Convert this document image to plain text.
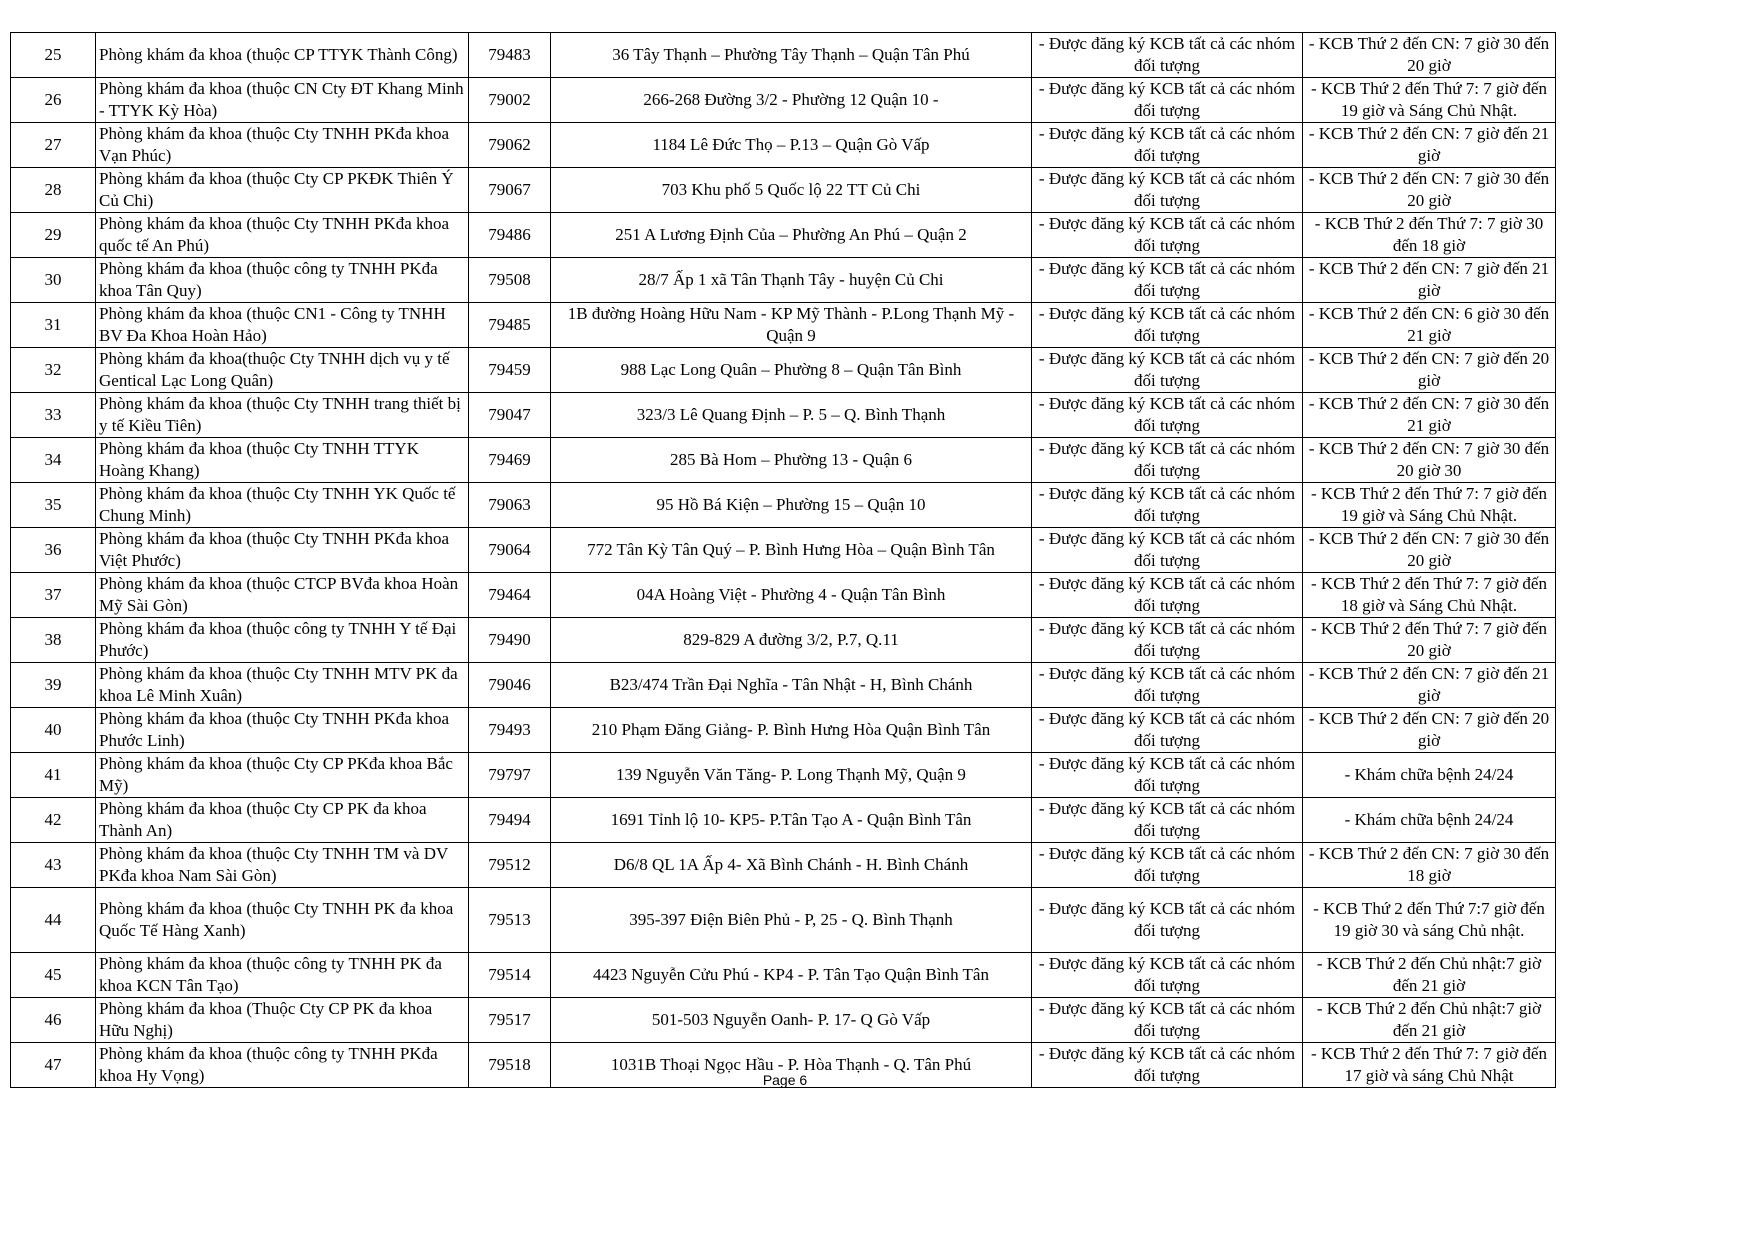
25	Phòng khám đa khoa (thuộc CP TTYK Thành Công)	79483	36 Tây Thạnh – Phường Tây Thạnh – Quận Tân Phú	- Được đăng ký KCB tất cả các nhóm đối tượng	- KCB Thứ 2 đến CN: 7 giờ 30 đến 20 giờ
26	Phòng khám đa khoa (thuộc CN Cty ĐT Khang Minh - TTYK Kỳ Hòa)	79002	266-268 Đường 3/2 - Phường 12 Quận 10 -	- Được đăng ký KCB tất cả các nhóm đối tượng	- KCB Thứ 2 đến Thứ 7: 7 giờ đến 19 giờ và Sáng Chủ Nhật.
27	Phòng khám đa khoa (thuộc Cty TNHH PKđa khoa Vạn Phúc)	79062	1184 Lê Đức Thọ – P.13 – Quận Gò Vấp	- Được đăng ký KCB tất cả các nhóm đối tượng	- KCB Thứ 2 đến CN: 7 giờ đến 21 giờ
28	Phòng khám đa khoa (thuộc Cty CP PKĐK Thiên Ý Củ Chi)	79067	703 Khu phố 5 Quốc lộ 22 TT Củ Chi	- Được đăng ký KCB tất cả các nhóm đối tượng	- KCB Thứ 2 đến CN: 7 giờ 30 đến 20 giờ
29	Phòng khám đa khoa (thuộc Cty TNHH PKđa khoa quốc tế An Phú)	79486	251 A Lương Định Của – Phường An Phú – Quận 2	- Được đăng ký KCB tất cả các nhóm đối tượng	- KCB Thứ 2 đến Thứ 7: 7 giờ 30 đến 18 giờ
30	Phòng khám đa khoa (thuộc công ty TNHH PKđa khoa Tân Quy)	79508	28/7 Ấp 1 xã Tân Thạnh Tây - huyện Củ Chi	- Được đăng ký KCB tất cả các nhóm đối tượng	- KCB Thứ 2 đến CN: 7 giờ đến 21 giờ
31	Phòng khám đa khoa (thuộc CN1 - Công ty TNHH BV Đa Khoa Hoàn Hảo)	79485	1B đường Hoàng Hữu Nam - KP Mỹ Thành - P.Long Thạnh Mỹ - Quận 9	- Được đăng ký KCB tất cả các nhóm đối tượng	- KCB Thứ 2 đến CN: 6 giờ 30 đến 21 giờ
32	Phòng khám đa khoa(thuộc Cty TNHH dịch vụ y tế Gentical Lạc Long Quân)	79459	988 Lạc Long Quân – Phường 8 – Quận Tân Bình	- Được đăng ký KCB tất cả các nhóm đối tượng	- KCB Thứ 2 đến CN: 7 giờ đến 20 giờ
33	Phòng khám đa khoa (thuộc Cty TNHH trang thiết bị y tế Kiều Tiên)	79047	323/3 Lê Quang Định – P. 5 – Q. Bình Thạnh	- Được đăng ký KCB tất cả các nhóm đối tượng	- KCB Thứ 2 đến CN: 7 giờ 30 đến 21 giờ
34	Phòng khám đa khoa (thuộc Cty TNHH TTYK Hoàng Khang)	79469	285 Bà Hom – Phường 13 - Quận 6	- Được đăng ký KCB tất cả các nhóm đối tượng	- KCB Thứ 2 đến CN: 7 giờ 30 đến 20 giờ 30
35	Phòng khám đa khoa (thuộc Cty TNHH YK Quốc tế Chung Minh)	79063	95 Hồ Bá Kiện – Phường 15 – Quận 10	- Được đăng ký KCB tất cả các nhóm đối tượng	- KCB Thứ 2 đến Thứ 7: 7 giờ đến 19 giờ và Sáng Chủ Nhật.
36	Phòng khám đa khoa (thuộc Cty TNHH PKđa khoa Việt Phước)	79064	772 Tân Kỳ Tân Quý – P. Bình Hưng Hòa – Quận Bình Tân	- Được đăng ký KCB tất cả các nhóm đối tượng	- KCB Thứ 2 đến CN: 7 giờ 30 đến 20 giờ
37	Phòng khám đa khoa (thuộc CTCP BVđa khoa Hoàn Mỹ Sài Gòn)	79464	04A Hoàng Việt - Phường 4 - Quận Tân Bình	- Được đăng ký KCB tất cả các nhóm đối tượng	- KCB Thứ 2 đến Thứ 7: 7 giờ đến 18 giờ và Sáng Chủ Nhật.
38	Phòng khám đa khoa (thuộc công ty TNHH Y tế Đại Phước)	79490	829-829 A đường 3/2, P.7, Q.11	- Được đăng ký KCB tất cả các nhóm đối tượng	- KCB Thứ 2 đến Thứ 7: 7 giờ đến 20 giờ
39	Phòng khám đa khoa (thuộc Cty TNHH MTV PK đa khoa Lê Minh Xuân)	79046	B23/474 Trần Đại Nghĩa - Tân Nhật - H, Bình Chánh	- Được đăng ký KCB tất cả các nhóm đối tượng	- KCB Thứ 2 đến CN: 7 giờ đến 21 giờ
40	Phòng khám đa khoa (thuộc Cty TNHH PKđa khoa Phước Linh)	79493	210 Phạm Đăng Giảng- P. Bình Hưng Hòa Quận Bình Tân	- Được đăng ký KCB tất cả các nhóm đối tượng	- KCB Thứ 2 đến CN: 7 giờ đến 20 giờ
41	Phòng khám đa khoa (thuộc Cty CP PKđa khoa Bắc Mỹ)	79797	139 Nguyễn Văn Tăng- P. Long Thạnh Mỹ, Quận 9	- Được đăng ký KCB tất cả các nhóm đối tượng	- Khám chữa bệnh 24/24
42	Phòng khám đa khoa (thuộc Cty CP PK đa khoa Thành An)	79494	1691 Tỉnh lộ 10- KP5- P.Tân Tạo A - Quận Bình Tân	- Được đăng ký KCB tất cả các nhóm đối tượng	- Khám chữa bệnh 24/24
43	Phòng khám đa khoa (thuộc Cty TNHH TM và DV PKđa khoa Nam Sài Gòn)	79512	D6/8 QL 1A Ấp 4- Xã Bình Chánh - H. Bình Chánh	- Được đăng ký KCB tất cả các nhóm đối tượng	- KCB Thứ 2 đến CN: 7 giờ 30 đến 18 giờ
44	Phòng khám đa khoa (thuộc Cty TNHH PK đa khoa Quốc Tế Hàng Xanh)	79513	395-397 Điện Biên Phủ - P, 25 - Q. Bình Thạnh	- Được đăng ký KCB tất cả các nhóm đối tượng	- KCB Thứ 2 đến Thứ 7:7 giờ đến 19 giờ 30 và sáng Chủ nhật.
45	Phòng khám đa khoa (thuộc công ty TNHH PK đa khoa KCN Tân Tạo)	79514	4423 Nguyễn Cửu Phú - KP4 - P. Tân Tạo Quận Bình Tân	- Được đăng ký KCB tất cả các nhóm đối tượng	- KCB Thứ 2 đến Chủ nhật:7 giờ đến 21 giờ
46	Phòng khám đa khoa (Thuộc Cty CP PK đa khoa Hữu Nghị)	79517	501-503 Nguyễn Oanh- P. 17- Q Gò Vấp	- Được đăng ký KCB tất cả các nhóm đối tượng	- KCB Thứ 2 đến Chủ nhật:7 giờ đến 21 giờ
47	Phòng khám đa khoa (thuộc công ty TNHH PKđa khoa Hy Vọng)	79518	1031B Thoại Ngọc Hầu - P. Hòa Thạnh - Q. Tân Phú	- Được đăng ký KCB tất cả các nhóm đối tượng	- KCB Thứ 2 đến Thứ 7: 7 giờ đến 17 giờ và sáng Chủ Nhật
Page 6
